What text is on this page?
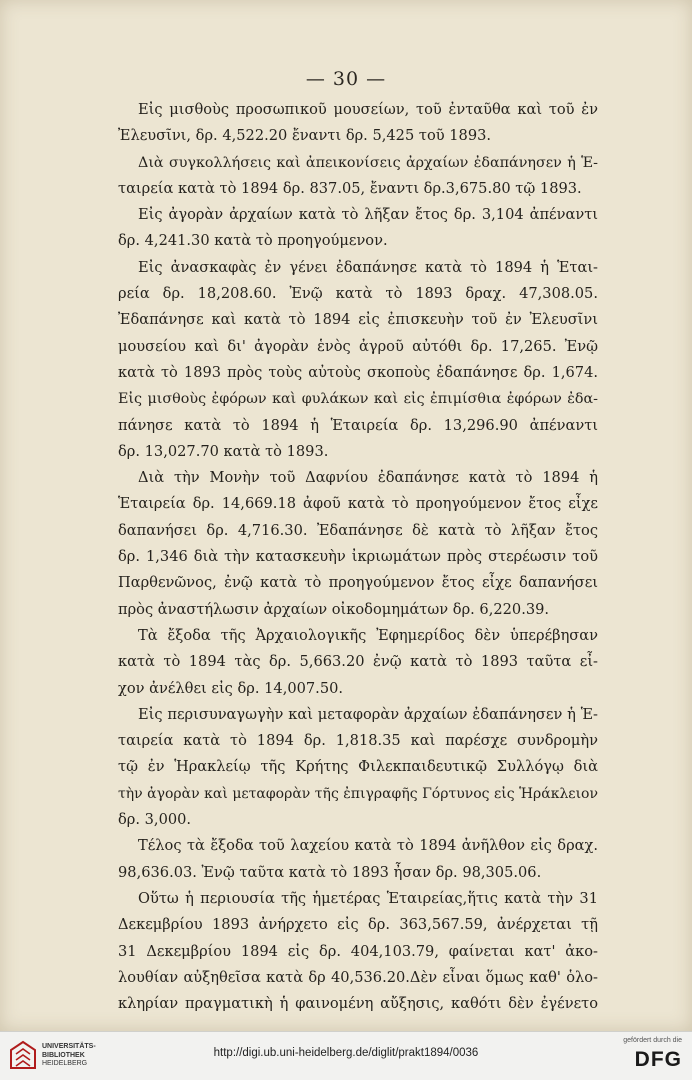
— 30 —
Εἰς μισθοὺς προσωπικοῦ μουσείων, τοῦ ἐνταῦθα καὶ τοῦ ἐν
Ἐλευσῖνι, δρ. 4,522.20 ἔναντι δρ. 5,425 τοῦ 1893.
Διὰ συγκολλήσεις καὶ ἀπεικονίσεις ἀρχαίων ἐδαπάνησεν ἡ Ἑ-
ταιρεία κατὰ τὸ 1894 δρ. 837.05, ἔναντι δρ.3,675.80 τῷ 1893.
Εἰς ἀγορὰν ἀρχαίων κατὰ τὸ λῆξαν ἔτος δρ. 3,104 ἀπέναντι
δρ. 4,241.30 κατὰ τὸ προηγούμενον.
Εἰς ἀνασκαφὰς ἐν γένει ἐδαπάνησε κατὰ τὸ 1894 ἡ Ἑται-
ρεία δρ. 18,208.60. Ἐνῷ κατὰ τὸ 1893 δραχ. 47,308.05.
Ἐδαπάνησε καὶ κατὰ τὸ 1894 εἰς ἐπισκευὴν τοῦ ἐν Ἐλευσῖνι
μουσείου καὶ δι' ἀγορὰν ἑνὸς ἀγροῦ αὐτόθι δρ. 17,265. Ἐνῷ
κατὰ τὸ 1893 πρὸς τοὺς αὐτοὺς σκοποὺς ἐδαπάνησε δρ. 1,674.
Εἰς μισθοὺς ἐφόρων καὶ φυλάκων καὶ εἰς ἐπιμίσθια ἐφόρων ἐδα-
πάνησε κατὰ τὸ 1894 ἡ Ἑταιρεία δρ. 13,296.90 ἀπέναντι
δρ. 13,027.70 κατὰ τὸ 1893.
Διὰ τὴν Μονὴν τοῦ Δαφνίου ἐδαπάνησε κατὰ τὸ 1894 ἡ
Ἑταιρεία δρ. 14,669.18 ἀφοῦ κατὰ τὸ προηγούμενον ἔτος εἶχε
δαπανήσει δρ. 4,716.30. Ἐδαπάνησε δὲ κατὰ τὸ λῆξαν ἔτος
δρ. 1,346 διὰ τὴν κατασκευὴν ἰκριωμάτων πρὸς στερέωσιν τοῦ
Παρθενῶνος, ἐνῷ κατὰ τὸ προηγούμενον ἔτος εἶχε δαπανήσει
πρὸς ἀναστήλωσιν ἀρχαίων οἰκοδομημάτων δρ. 6,220.39.
Τὰ ἔξοδα τῆς Ἀρχαιολογικῆς Ἐφημερίδος δὲν ὑπερέβησαν
κατὰ τὸ 1894 τὰς δρ. 5,663.20 ἐνῷ κατὰ τὸ 1893 ταῦτα εἶ-
χον ἀνέλθει εἰς δρ. 14,007.50.
Εἰς περισυναγωγὴν καὶ μεταφορὰν ἀρχαίων ἐδαπάνησεν ἡ Ἑ-
ταιρεία κατὰ τὸ 1894 δρ. 1,818.35 καὶ παρέσχε συνδρομὴν
τῷ ἐν Ἡρακλείῳ τῆς Κρήτης Φιλεκπαιδευτικῷ Συλλόγῳ διὰ
τὴν ἀγορὰν καὶ μεταφορὰν τῆς ἐπιγραφῆς Γόρτυνος εἰς Ἡράκλειον
δρ. 3,000.
Τέλος τὰ ἔξοδα τοῦ λαχείου κατὰ τὸ 1894 ἀνῆλθον εἰς δραχ.
98,636.03. Ἐνῷ ταῦτα κατὰ τὸ 1893 ἦσαν δρ. 98,305.06.
Οὕτω ἡ περιουσία τῆς ἡμετέρας Ἑταιρείας,ἥτις κατὰ τὴν 31
Δεκεμβρίου 1893 ἀνήρχετο εἰς δρ. 363,567.59, ἀνέρχεται τῇ
31 Δεκεμβρίου 1894 εἰς δρ. 404,103.79, φαίνεται κατ' ἀκο-
λουθίαν αὐξηθεῖσα κατὰ δρ 40,536.20.Δὲν εἶναι ὅμως καθ' ὁλο-
κληρίαν πραγματικὴ ἡ φαινομένη αὔξησις, καθότι δὲν ἐγένετο
UNIVERSITÄTS-
BIBLIOTHEK
HEIDELBERG
http://digi.ub.uni-heidelberg.de/diglit/prakt1894/0036
gefördert durch die
DFG
